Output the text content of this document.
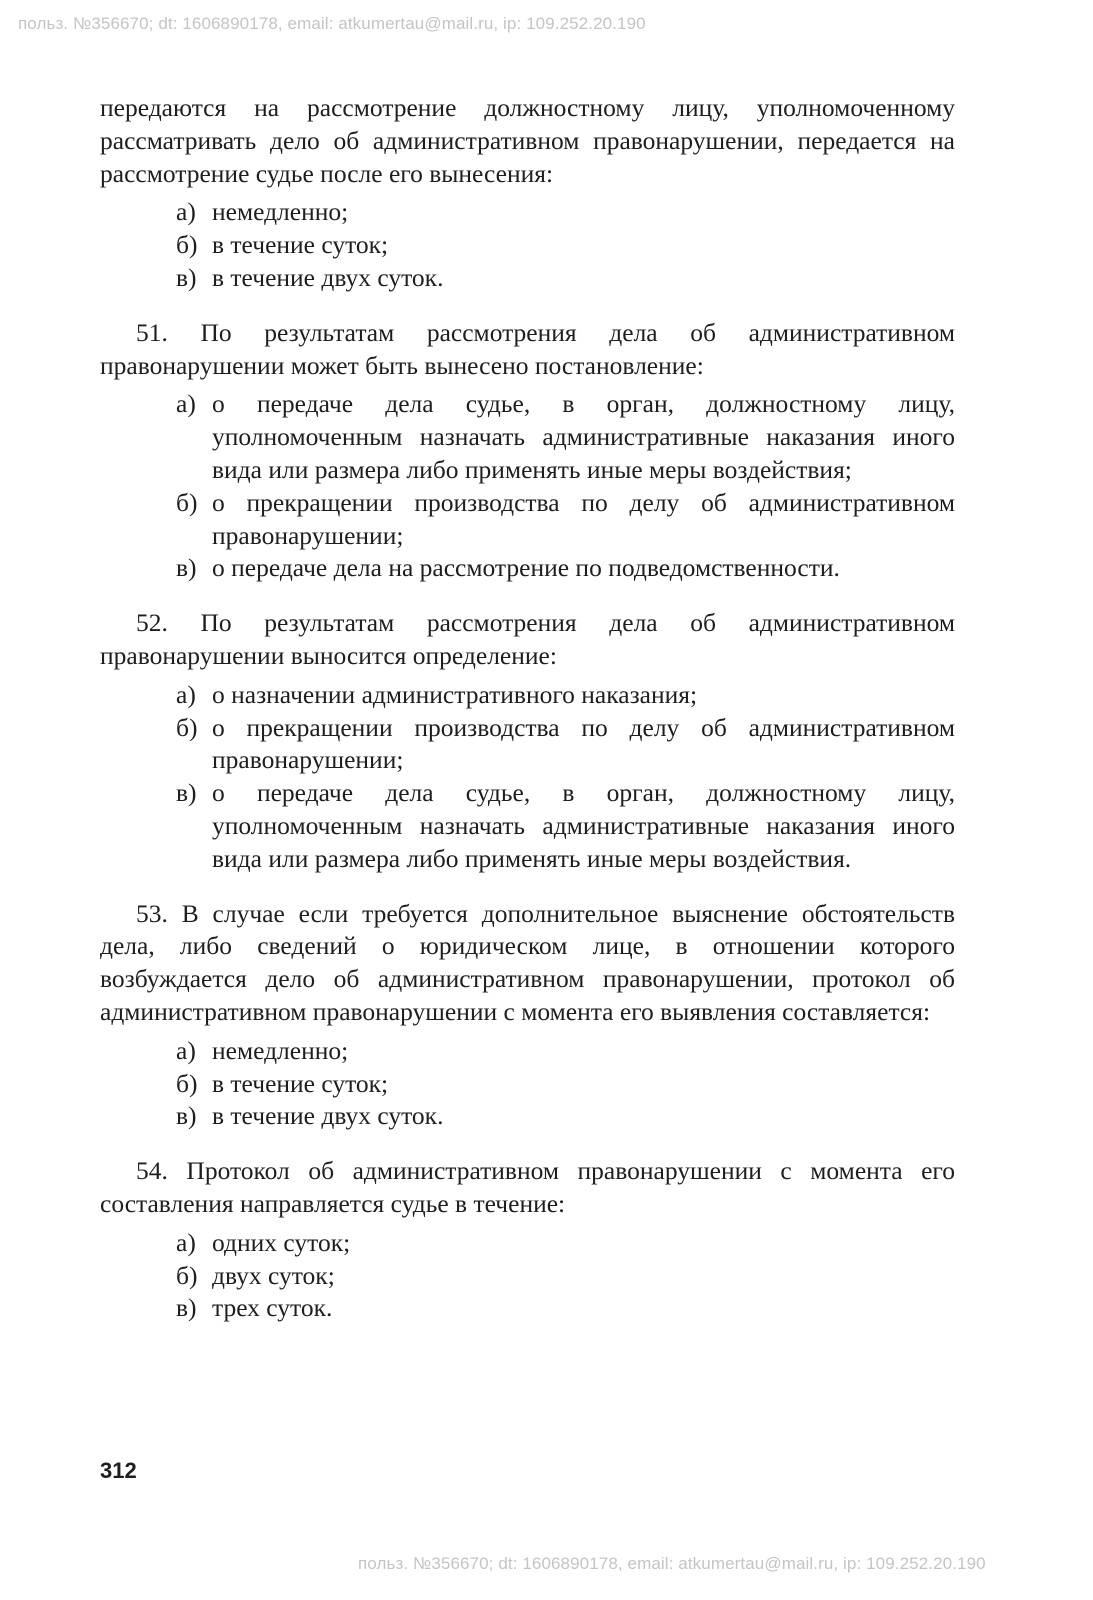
польз. №356670; dt: 1606890178, email: atkumertau@mail.ru, ip: 109.252.20.190

передаются на рассмотрение должностному лицу, уполномоченному рассматривать дело об административном правонарушении, передается на рассмотрение судье после его вынесения:

а) немедленно;
б) в течение суток;
в) в течение двух суток.

51. По результатам рассмотрения дела об административном правонарушении может быть вынесено постановление:

а) о передаче дела судье, в орган, должностному лицу, уполномоченным назначать административные наказания иного вида или размера либо применять иные меры воздействия;
б) о прекращении производства по делу об административном правонарушении;
в) о передаче дела на рассмотрение по подведомственности.

52. По результатам рассмотрения дела об административном правонарушении выносится определение:

а) о назначении административного наказания;
б) о прекращении производства по делу об административном правонарушении;
в) о передаче дела судье, в орган, должностному лицу, уполномоченным назначать административные наказания иного вида или размера либо применять иные меры воздействия.

53. В случае если требуется дополнительное выяснение обстоятельств дела, либо сведений о юридическом лице, в отношении которого возбуждается дело об административном правонарушении, протокол об административном правонарушении с момента его выявления составляется:

а) немедленно;
б) в течение суток;
в) в течение двух суток.

54. Протокол об административном правонарушении с момента его составления направляется судье в течение:

а) одних суток;
б) двух суток;
в) трех суток.
312
польз. №356670; dt: 1606890178, email: atkumertau@mail.ru, ip: 109.252.20.190
